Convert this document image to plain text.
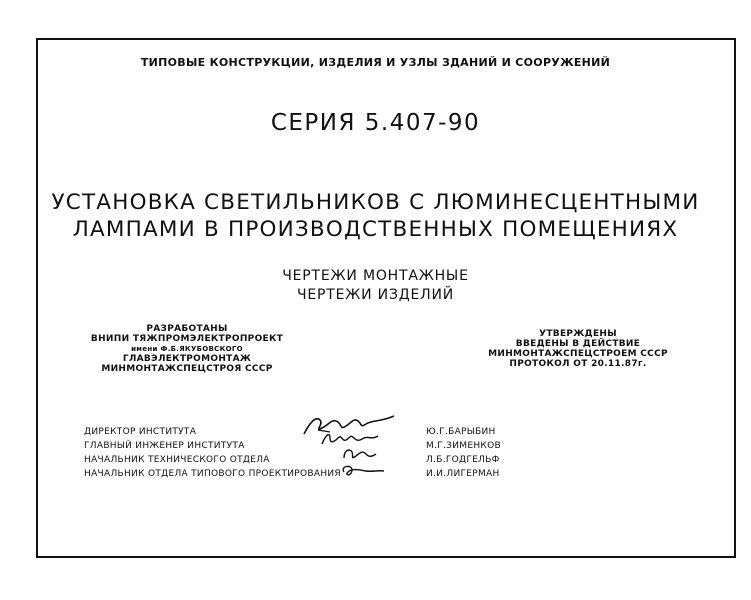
ТИПОВЫЕ КОНСТРУКЦИИ, ИЗДЕЛИЯ И УЗЛЫ ЗДАНИЙ И СООРУЖЕНИЙ
СЕРИЯ 5.407-90
УСТАНОВКА СВЕТИЛЬНИКОВ С ЛЮМИНЕСЦЕНТНЫМИ
ЛАМПАМИ В ПРОИЗВОДСТВЕННЫХ ПОМЕЩЕНИЯХ
ЧЕРТЕЖИ МОНТАЖНЫЕ
ЧЕРТЕЖИ ИЗДЕЛИЙ
РАЗРАБОТАНЫ
ВНИПИ ТЯЖПРОМЭЛЕКТРОПРОЕКТ
имени Ф.Б.ЯКУБОВСКОГО
ГЛАВЭЛЕКТРОМОНТАЖ
МИНМОНТАЖСПЕЦСТРОЯ СССР
УТВЕРЖДЕНЫ
ВВЕДЕНЫ В ДЕЙСТВИЕ
МИНМОНТАЖСПЕЦСТРОЕМ СССР
ПРОТОКОЛ ОТ 20.11.87г.
ДИРЕКТОР ИНСТИТУТА	Ю.Г.БАРЫБИН
ГЛАВНЫЙ ИНЖЕНЕР ИНСТИТУТА	М.Г.ЗИМЕНКОВ
НАЧАЛЬНИК ТЕХНИЧЕСКОГО ОТДЕЛА	Л.Б.ГОДГЕЛЬФ
НАЧАЛЬНИК ОТДЕЛА ТИПОВОГО ПРОЕКТИРОВАНИЯ	И.И.ЛИГЕРМАН
